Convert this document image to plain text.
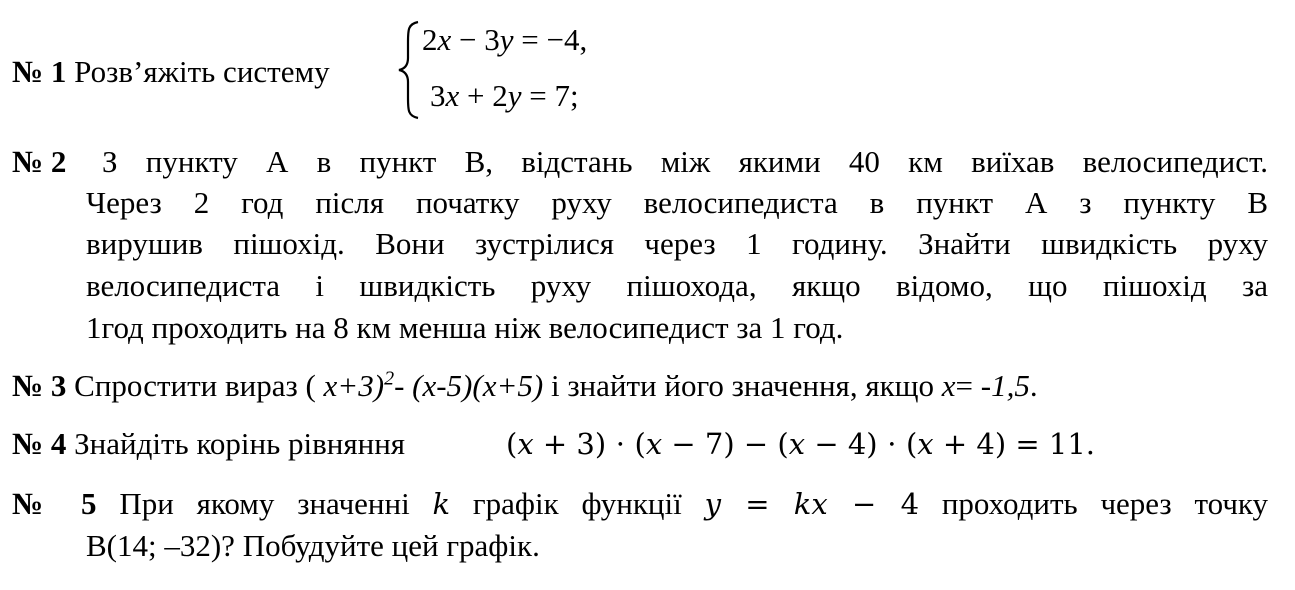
№ 1 Розв’яжіть систему
2x − 3y = −4,
3x + 2y = 7;
№ 2 З пункту А в пункт В, відстань між якими 40 км виїхав велосипедист.
Через 2 год після початку руху велосипедиста в пункт А з пункту В
вирушив пішохід. Вони зустрілися через 1 годину. Знайти швидкість руху
велосипедиста і швидкість руху пішохода, якщо відомо, що пішохід за
1год проходить на 8 км менша ніж велосипедист за 1 год.
№ 3 Спростити вираз ( x+3)$^2$- (x-5)(x+5) і знайти його значення, якщо x= -1,5.
№ 4 Знайдіть корінь рівняння	(𝑥 + 3) ⋅ (𝑥 − 7) − (𝑥 − 4) ⋅ (𝑥 + 4) = 11.
№ 5 При якому значенні 𝑘 графік функції 𝑦 = 𝑘𝑥 − 4 проходить через точку
В(14; –32)? Побудуйте цей графік.
